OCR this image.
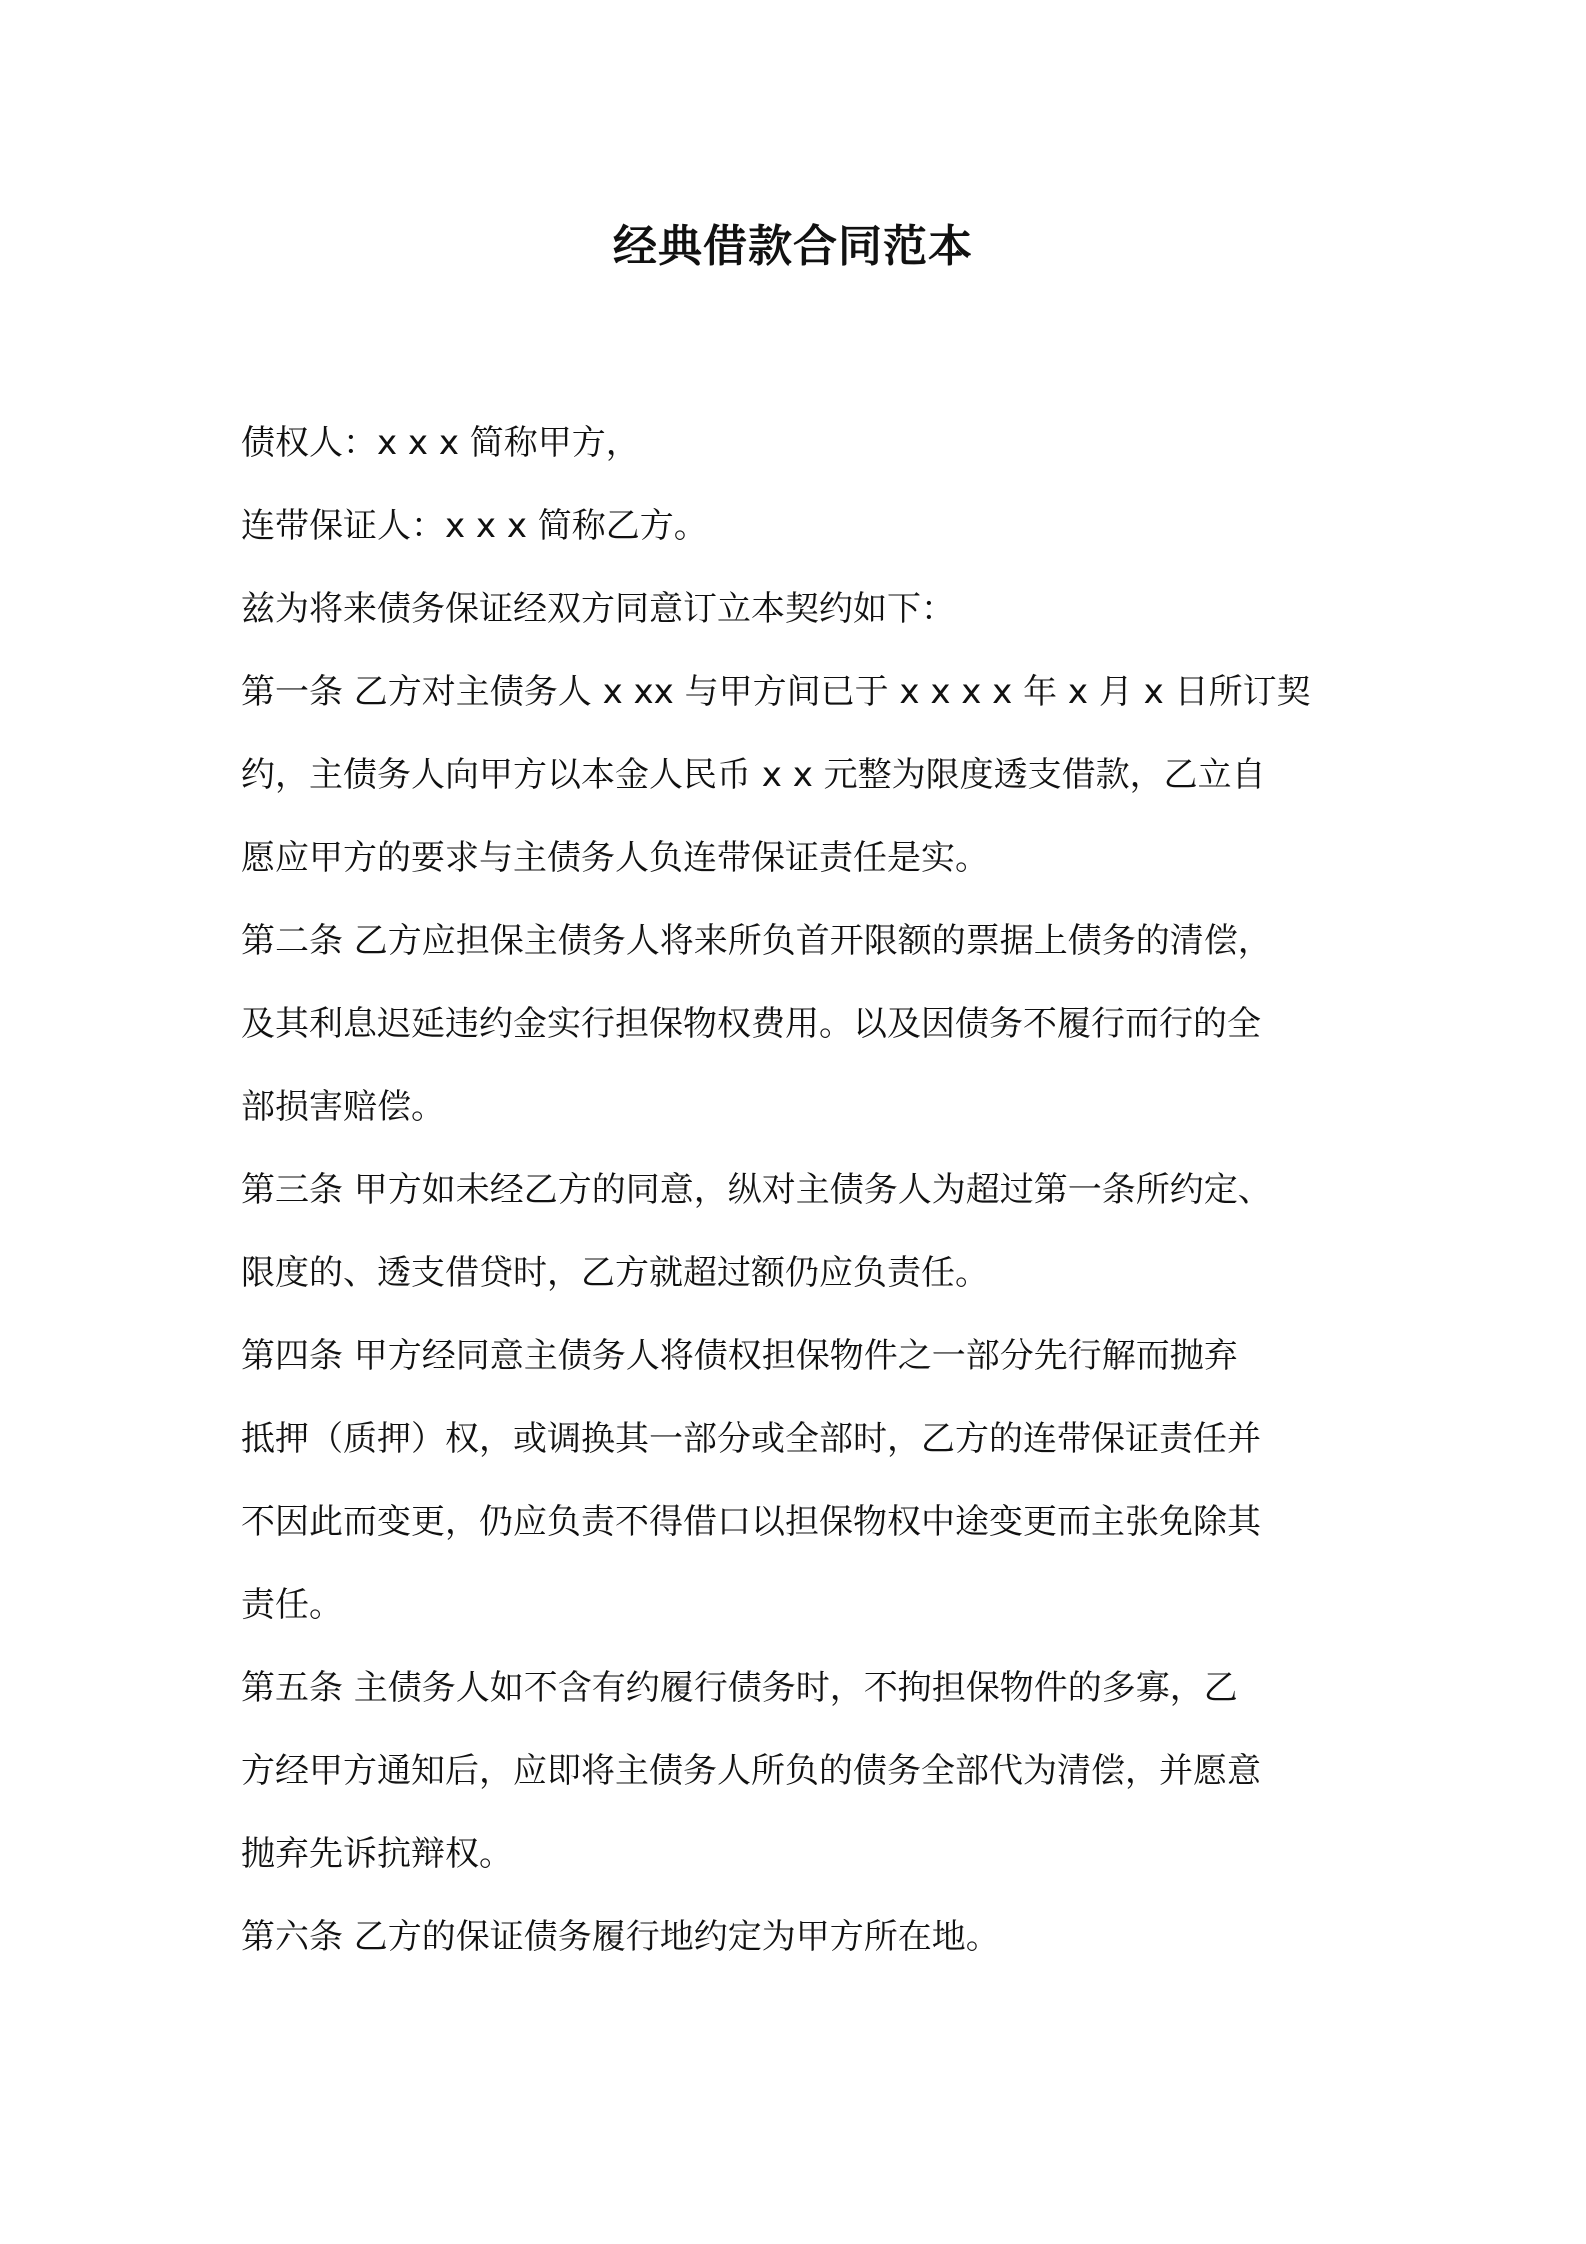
经典借款合同范本

债权人：x x x 简称甲方，

连带保证人：x x x 简称乙方。

兹为将来债务保证经双方同意订立本契约如下：

第一条 乙方对主债务人 x xx 与甲方间已于 x x x x 年 x 月 x 日所订契
约，主债务人向甲方以本金人民币 x x 元整为限度透支借款，乙立自
愿应甲方的要求与主债务人负连带保证责任是实。

第二条 乙方应担保主债务人将来所负首开限额的票据上债务的清偿，
及其利息迟延违约金实行担保物权费用。以及因债务不履行而行的全
部损害赔偿。

第三条 甲方如未经乙方的同意，纵对主债务人为超过第一条所约定、
限度的、透支借贷时，乙方就超过额仍应负责任。

第四条 甲方经同意主债务人将债权担保物件之一部分先行解而抛弃
抵押（质押）权，或调换其一部分或全部时，乙方的连带保证责任并
不因此而变更，仍应负责不得借口以担保物权中途变更而主张免除其
责任。

第五条 主债务人如不含有约履行债务时，不拘担保物件的多寡，乙
方经甲方通知后，应即将主债务人所负的债务全部代为清偿，并愿意
抛弃先诉抗辩权。

第六条 乙方的保证债务履行地约定为甲方所在地。
